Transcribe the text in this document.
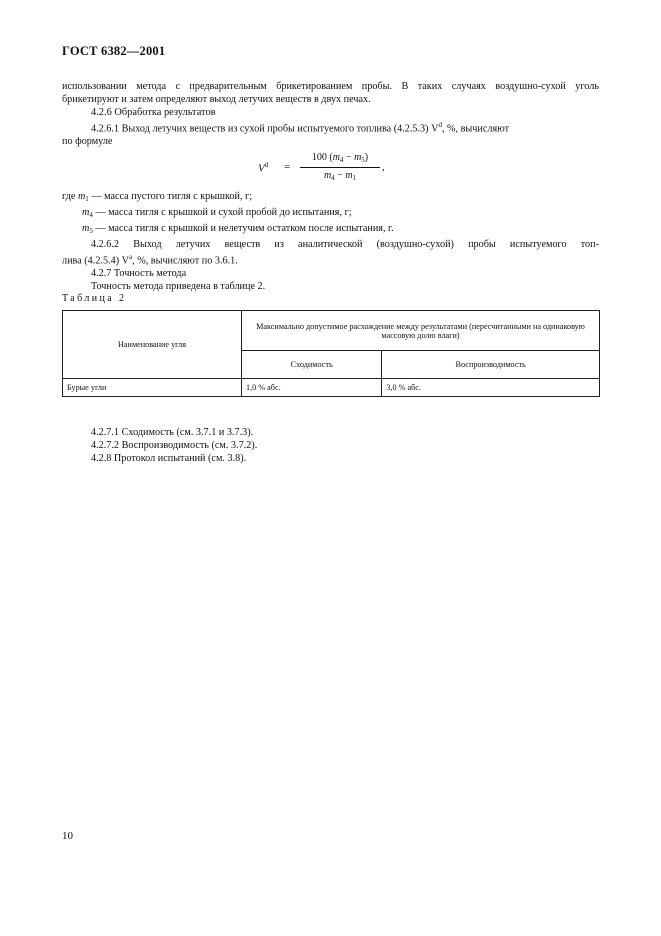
ГОСТ 6382—2001

использовании метода с предварительным брикетированием пробы. В таких случаях воздушно-сухой уголь

брикетируют и затем определяют выход летучих веществ в двух печах.

4.2.6 Обработка результатов

4.2.6.1 Выход летучих веществ из сухой пробы испытуемого топлива (4.2.5.3) $V^d$, %, вычисляют

по формуле

$V^d$ =
100 $(m_4 - m_5)$
$m_4 - m_1$
,
где $m_1$ — масса пустого тигля с крышкой, г;
$m_4$ — масса тигля с крышкой и сухой пробой до испытания, г;
$m_5$ — масса тигля с крышкой и нелетучим остатком после испытания, г.

4.2.6.2 Выход летучих веществ из аналитической (воздушно-сухой) пробы испытуемого топ-

лива (4.2.5.4) $V^a$, %, вычисляют по 3.6.1.

4.2.7 Точность метода

Точность метода приведена в таблице 2.

Таблица 2
Наименование угля	Максимально допустимое расхождение между результатами (пересчитанными на одинаковую массовую долю влаги)	
	Сходимость	Воспроизводимость
Бурые угли	1,0 % абс.	3,0 % абс.

4.2.7.1 Сходимость (см. 3.7.1 и 3.7.3).

4.2.7.2 Воспроизводимость (см. 3.7.2).

4.2.8 Протокол испытаний (см. 3.8).

10
